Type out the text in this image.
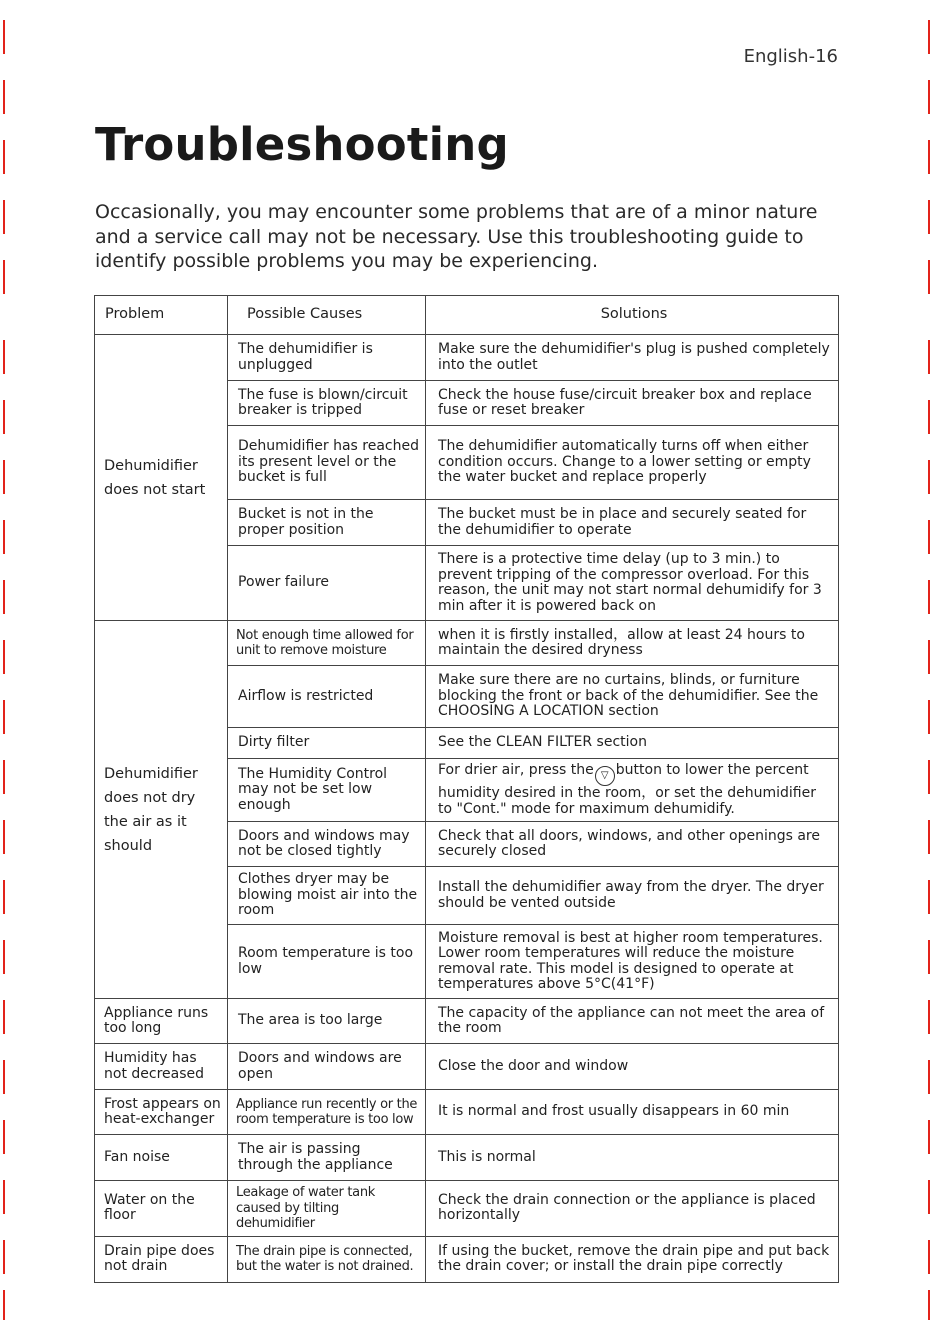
English-16
Troubleshooting

Occasionally, you may encounter some problems that are of a minor nature and a service call may not be necessary. Use this troubleshooting guide to identify possible problems you may be experiencing.

Problem	Possible Causes	Solutions
Dehumidifier does not start	The dehumidifier is unplugged	Make sure the dehumidifier's plug is pushed completely into the outlet
	The fuse is blown/circuit breaker is tripped	Check the house fuse/circuit breaker box and replace fuse or reset breaker
	Dehumidifier has reached its present level or the bucket is full	The dehumidifier automatically turns off when either condition occurs. Change to a lower setting or empty the water bucket and replace properly
	Bucket is not in the proper position	The bucket must be in place and securely seated for the dehumidifier to operate
	Power failure	There is a protective time delay (up to 3 min.) to prevent tripping of the compressor overload. For this reason, the unit may not start normal dehumidify for 3 min after it is powered back on
Dehumidifier does not dry the air as it should	Not enough time allowed for unit to remove moisture	when it is firstly installed，allow at least 24 hours to maintain the desired dryness
	Airflow is restricted	Make sure there are no curtains, blinds, or furniture blocking the front or back of the dehumidifier. See the CHOOSING A LOCATION section
	Dirty filter	See the CLEAN FILTER section
	The Humidity Control may not be set low enough	For drier air, press the ▽ button to lower the percent humidity desired in the room，or set the dehumidifier to "Cont." mode for maximum dehumidify.
	Doors and windows may not be closed tightly	Check that all doors, windows, and other openings are securely closed
	Clothes dryer may be blowing moist air into the room	Install the dehumidifier away from the dryer. The dryer should be vented outside
	Room temperature is too low	Moisture removal is best at higher room temperatures. Lower room temperatures will reduce the moisture removal rate. This model is designed to operate at temperatures above 5°C(41°F)
Appliance runs too long	The area is too large	The capacity of the appliance can not meet the area of the room
Humidity has not decreased	Doors and windows are open	Close the door and window
Frost appears on heat-exchanger	Appliance run recently or the room temperature is too low	It is normal and frost usually disappears in 60 min
Fan noise	The air is passing through the appliance	This is normal
Water on the floor	Leakage of water tank caused by tilting dehumidifier	Check the drain connection or the appliance is placed horizontally
Drain pipe does not drain	The drain pipe is connected, but the water is not drained.	If using the bucket, remove the drain pipe and put back the drain cover; or install the drain pipe correctly
